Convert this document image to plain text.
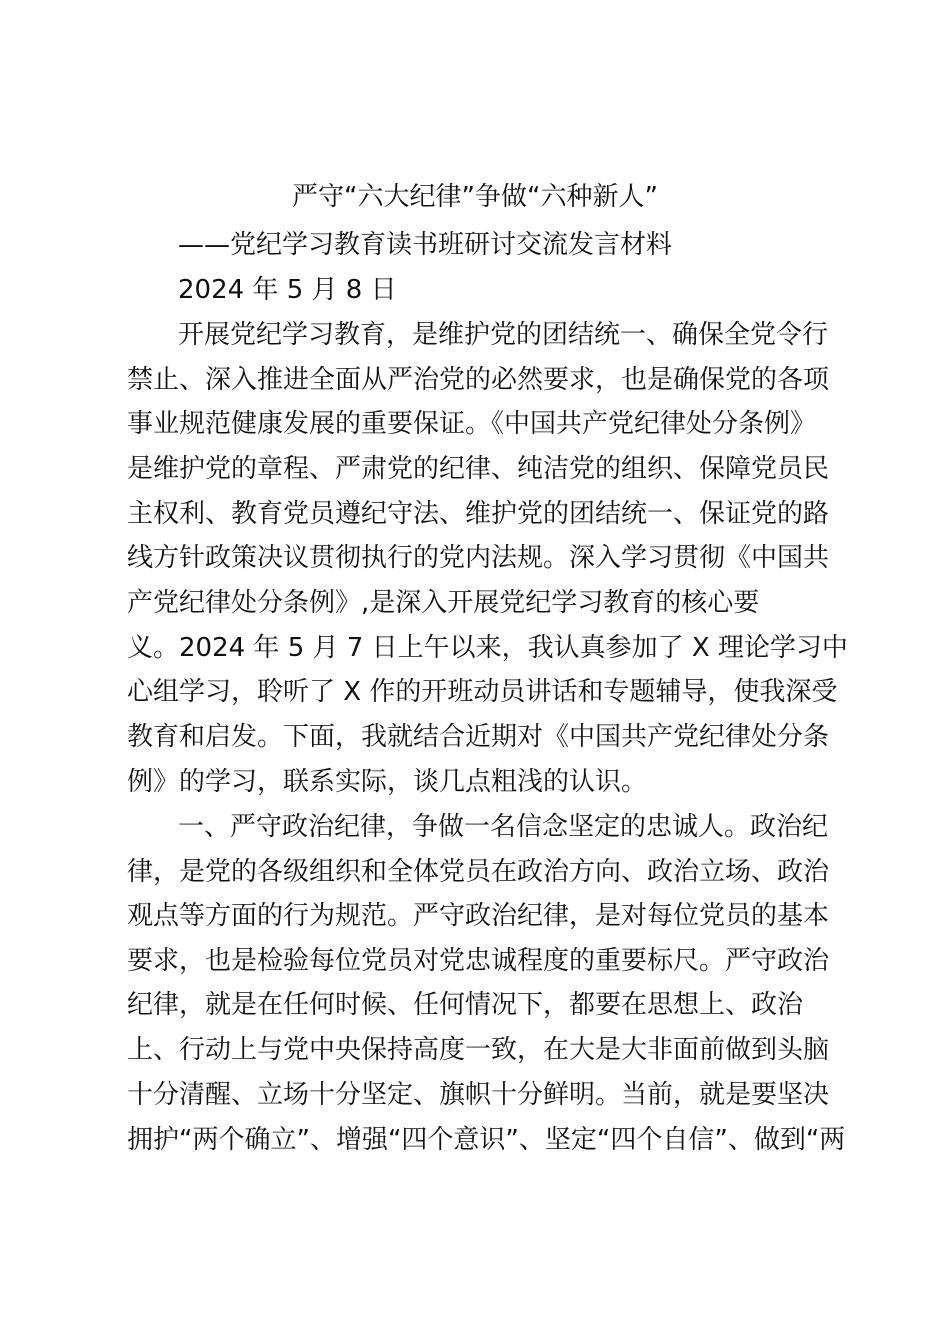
严守“六大纪律”争做“六种新人”
——党纪学习教育读书班研讨交流发言材料
2024 年 5 月 8 日
开展党纪学习教育，是维护党的团结统一、确保全党令行
禁止、深入推进全面从严治党的必然要求，也是确保党的各项
事业规范健康发展的重要保证。《中国共产党纪律处分条例》
是维护党的章程、严肃党的纪律、纯洁党的组织、保障党员民
主权利、教育党员遵纪守法、维护党的团结统一、保证党的路
线方针政策决议贯彻执行的党内法规。深入学习贯彻《中国共
产党纪律处分条例》,是深入开展党纪学习教育的核心要
义。2024 年 5 月 7 日上午以来，我认真参加了 X 理论学习中
心组学习，聆听了 X 作的开班动员讲话和专题辅导，使我深受
教育和启发。下面，我就结合近期对《中国共产党纪律处分条
例》的学习，联系实际，谈几点粗浅的认识。
一、严守政治纪律，争做一名信念坚定的忠诚人。政治纪
律，是党的各级组织和全体党员在政治方向、政治立场、政治
观点等方面的行为规范。严守政治纪律，是对每位党员的基本
要求，也是检验每位党员对党忠诚程度的重要标尺。严守政治
纪律，就是在任何时候、任何情况下，都要在思想上、政治
上、行动上与党中央保持高度一致，在大是大非面前做到头脑
十分清醒、立场十分坚定、旗帜十分鲜明。当前，就是要坚决
拥护“两个确立”、增强“四个意识”、坚定“四个自信”、做到“两
